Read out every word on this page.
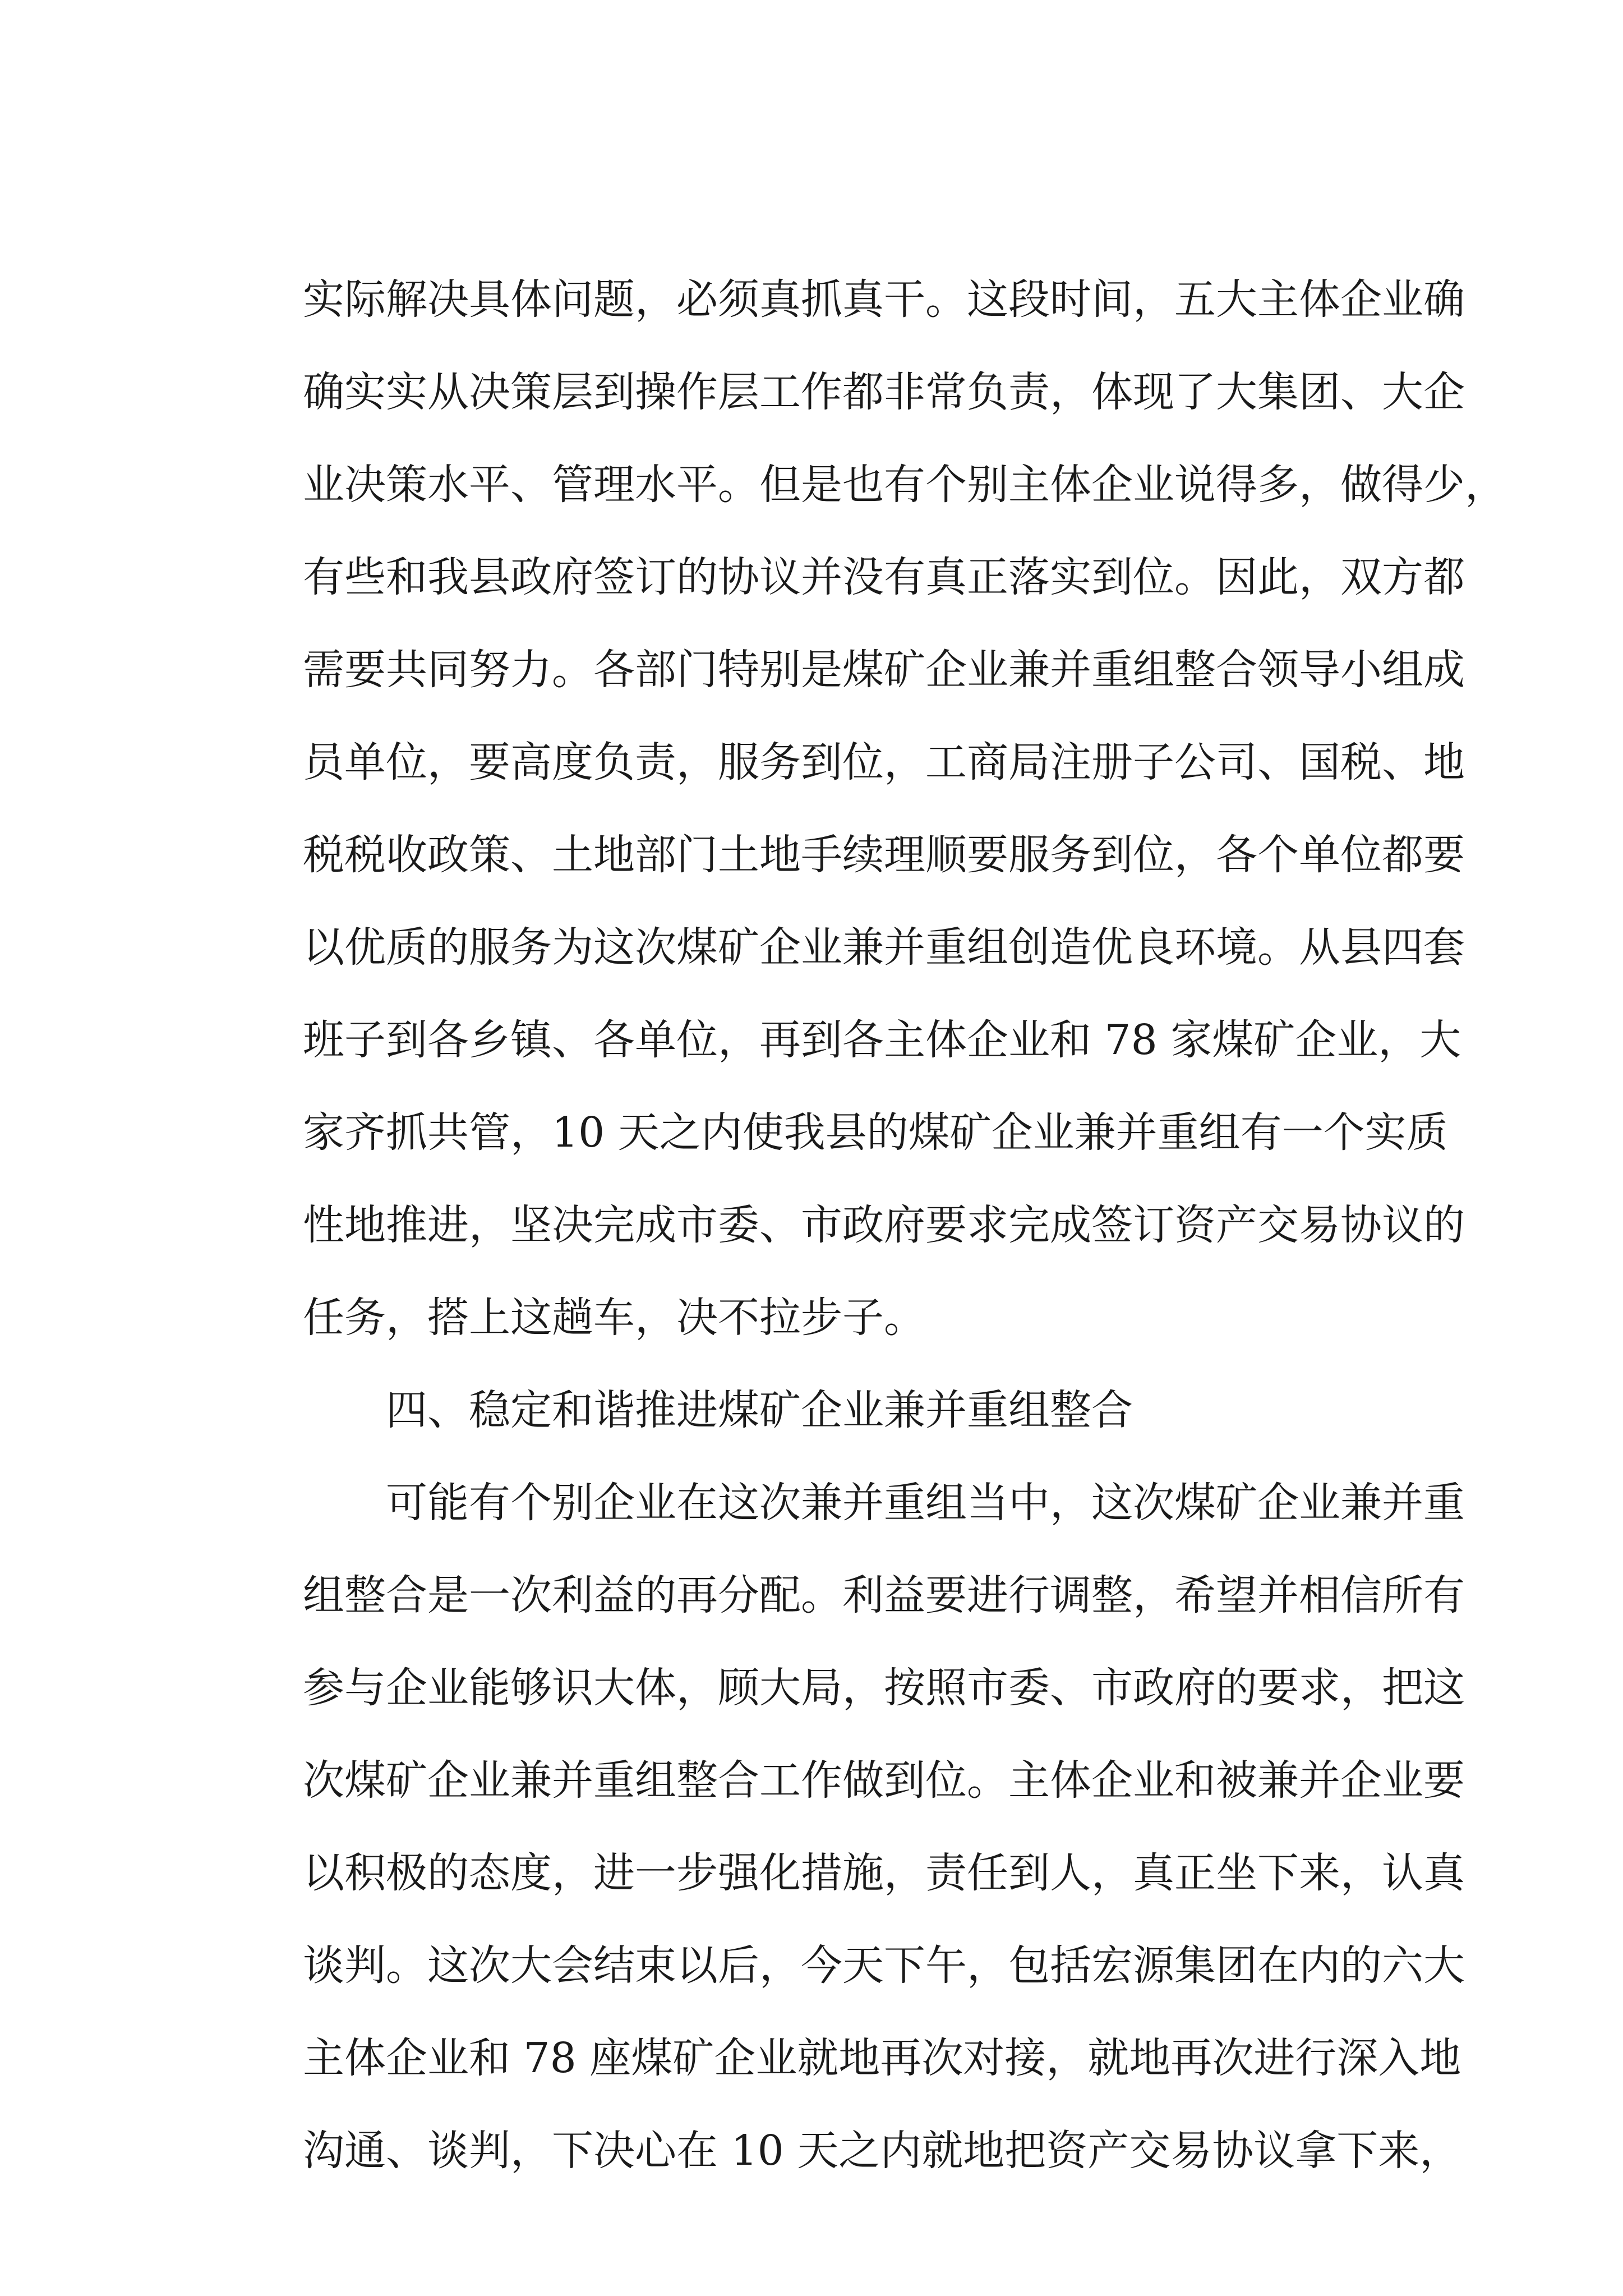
实际解决具体问题，必须真抓真干。这段时间，五大主体企业确
确实实从决策层到操作层工作都非常负责，体现了大集团、大企
业决策水平、管理水平。但是也有个别主体企业说得多，做得少，
有些和我县政府签订的协议并没有真正落实到位。因此，双方都
需要共同努力。各部门特别是煤矿企业兼并重组整合领导小组成
员单位，要高度负责，服务到位，工商局注册子公司、国税、地
税税收政策、土地部门土地手续理顺要服务到位，各个单位都要
以优质的服务为这次煤矿企业兼并重组创造优良环境。从县四套
班子到各乡镇、各单位，再到各主体企业和 78 家煤矿企业，大
家齐抓共管，10 天之内使我县的煤矿企业兼并重组有一个实质
性地推进，坚决完成市委、市政府要求完成签订资产交易协议的
任务，搭上这趟车，决不拉步子。
四、稳定和谐推进煤矿企业兼并重组整合
可能有个别企业在这次兼并重组当中，这次煤矿企业兼并重
组整合是一次利益的再分配。利益要进行调整，希望并相信所有
参与企业能够识大体，顾大局，按照市委、市政府的要求，把这
次煤矿企业兼并重组整合工作做到位。主体企业和被兼并企业要
以积极的态度，进一步强化措施，责任到人，真正坐下来，认真
谈判。这次大会结束以后，今天下午，包括宏源集团在内的六大
主体企业和 78 座煤矿企业就地再次对接，就地再次进行深入地
沟通、谈判，下决心在 10 天之内就地把资产交易协议拿下来，
